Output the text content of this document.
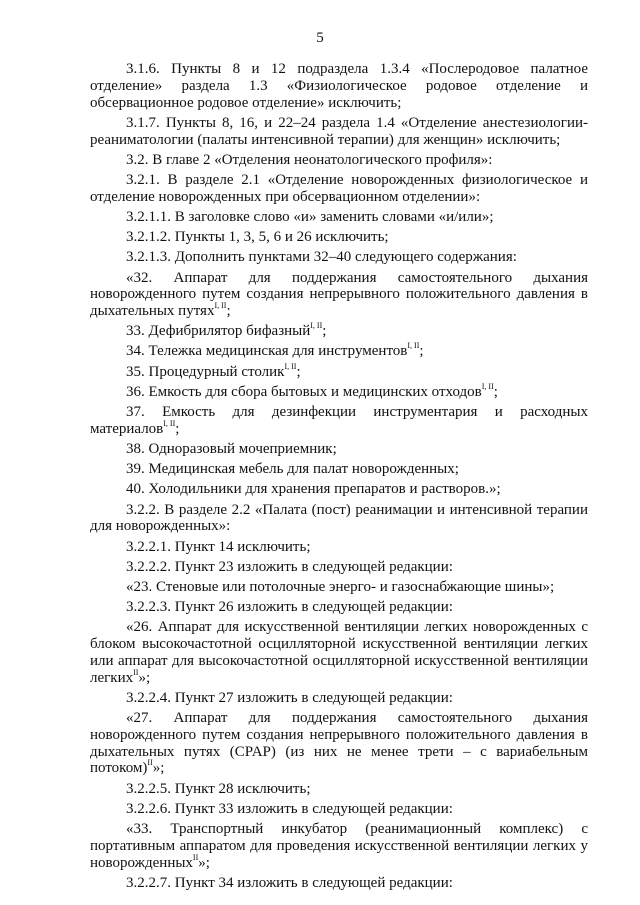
5

3.1.6. Пункты 8 и 12 подраздела 1.3.4 «Послеродовое палатное отделение» раздела 1.3 «Физиологическое родовое отделение и обсервационное родовое отделение» исключить;

3.1.7. Пункты 8, 16, и 22–24 раздела 1.4 «Отделение анестезиологии-реаниматологии (палаты интенсивной терапии) для женщин» исключить;

3.2. В главе 2 «Отделения неонатологического профиля»:

3.2.1. В разделе 2.1 «Отделение новорожденных физиологическое и отделение новорожденных при обсервационном отделении»:

3.2.1.1. В заголовке слово «и» заменить словами «и/или»;

3.2.1.2. Пункты 1, 3, 5, 6 и 26 исключить;

3.2.1.3. Дополнить пунктами 32–40 следующего содержания:

«32. Аппарат для поддержания самостоятельного дыхания новорожденного путем создания непрерывного положительного давления в дыхательных путях$^{I, II}$;

33. Дефибрилятор бифазный$^{I, II}$;

34. Тележка медицинская для инструментов$^{I, II}$;

35. Процедурный столик$^{I, II}$;

36. Емкость для сбора бытовых и медицинских отходов$^{I, II}$;

37. Емкость для дезинфекции инструментария и расходных материалов$^{I, II}$;

38. Одноразовый мочеприемник;

39. Медицинская мебель для палат новорожденных;

40. Холодильники для хранения препаратов и растворов.»;

3.2.2. В разделе 2.2 «Палата (пост) реанимации и интенсивной терапии для новорожденных»:

3.2.2.1. Пункт 14 исключить;

3.2.2.2. Пункт 23 изложить в следующей редакции:

«23. Стеновые или потолочные энерго- и газоснабжающие шины»;

3.2.2.3. Пункт 26 изложить в следующей редакции:

«26. Аппарат для искусственной вентиляции легких новорожденных с блоком высокочастотной осцилляторной искусственной вентиляции легких или аппарат для высокочастотной осцилляторной искусственной вентиляции легких$^{II}$»;

3.2.2.4. Пункт 27 изложить в следующей редакции:

«27. Аппарат для поддержания самостоятельного дыхания новорожденного путем создания непрерывного положительного давления в дыхательных путях (CPAP) (из них не менее трети – с вариабельным потоком)$^{II}$»;

3.2.2.5. Пункт 28 исключить;

3.2.2.6. Пункт 33 изложить в следующей редакции:

«33. Транспортный инкубатор (реанимационный комплекс) с портативным аппаратом для проведения искусственной вентиляции легких у новорожденных$^{II}$»;

3.2.2.7. Пункт 34 изложить в следующей редакции:
